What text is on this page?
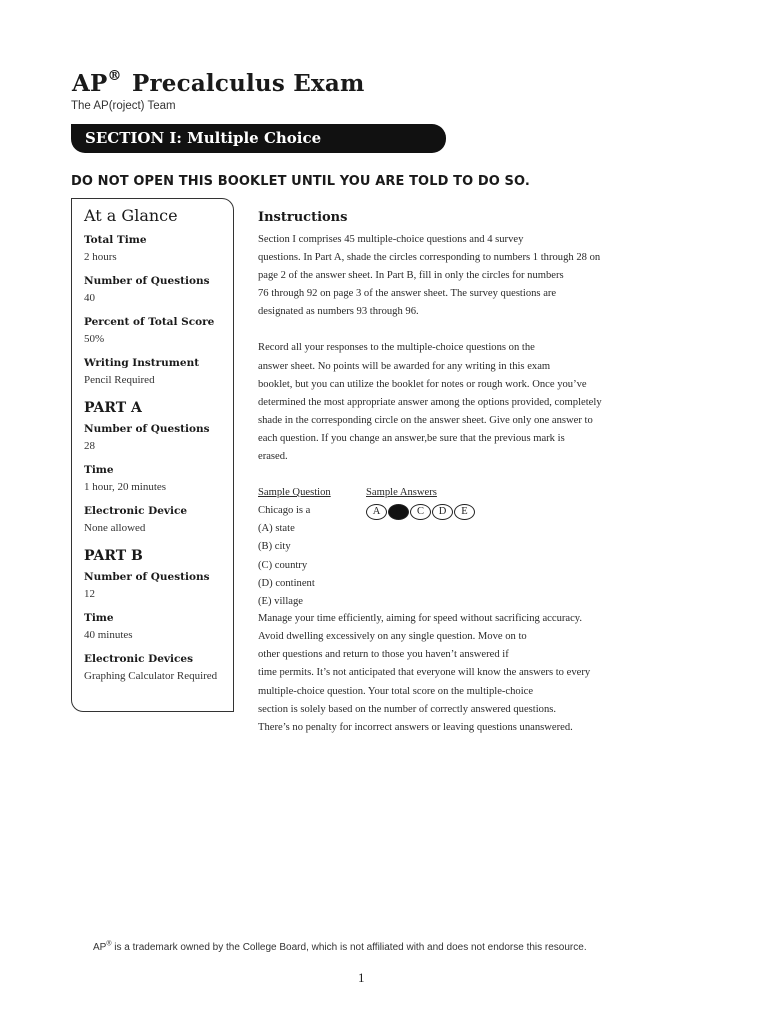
AP® Precalculus Exam
The AP(roject) Team
SECTION I: Multiple Choice
DO NOT OPEN THIS BOOKLET UNTIL YOU ARE TOLD TO DO SO.
At a Glance
Total Time
2 hours
Number of Questions
40
Percent of Total Score
50%
Writing Instrument
Pencil Required
PART A
Number of Questions
28
Time
1 hour, 20 minutes
Electronic Device
None allowed
PART B
Number of Questions
12
Time
40 minutes
Electronic Devices
Graphing Calculator Required
Instructions
Section I comprises 45 multiple-choice questions and 4 survey
questions. In Part A, shade the circles corresponding to numbers 1 through 28 on
page 2 of the answer sheet. In Part B, fill in only the circles for numbers
76 through 92 on page 3 of the answer sheet. The survey questions are
designated as numbers 93 through 96.
Record all your responses to the multiple-choice questions on the
answer sheet. No points will be awarded for any writing in this exam
booklet, but you can utilize the booklet for notes or rough work. Once you’ve
determined the most appropriate answer among the options provided, completely
shade in the corresponding circle on the answer sheet. Give only one answer to
each question. If you change an answer,be sure that the previous mark is
erased.
Sample Question
Chicago is a
(A) state
(B) city
(C) country
(D) continent
(E) village
Sample Answers
A	B	C	D	E
Manage your time efficiently, aiming for speed without sacrificing accuracy.
Avoid dwelling excessively on any single question. Move on to
other questions and return to those you haven’t answered if
time permits. It’s not anticipated that everyone will know the answers to every
multiple-choice question. Your total score on the multiple-choice
section is solely based on the number of correctly answered questions.
There’s no penalty for incorrect answers or leaving questions unanswered.
AP® is a trademark owned by the College Board, which is not affiliated with and does not endorse this resource.
1
